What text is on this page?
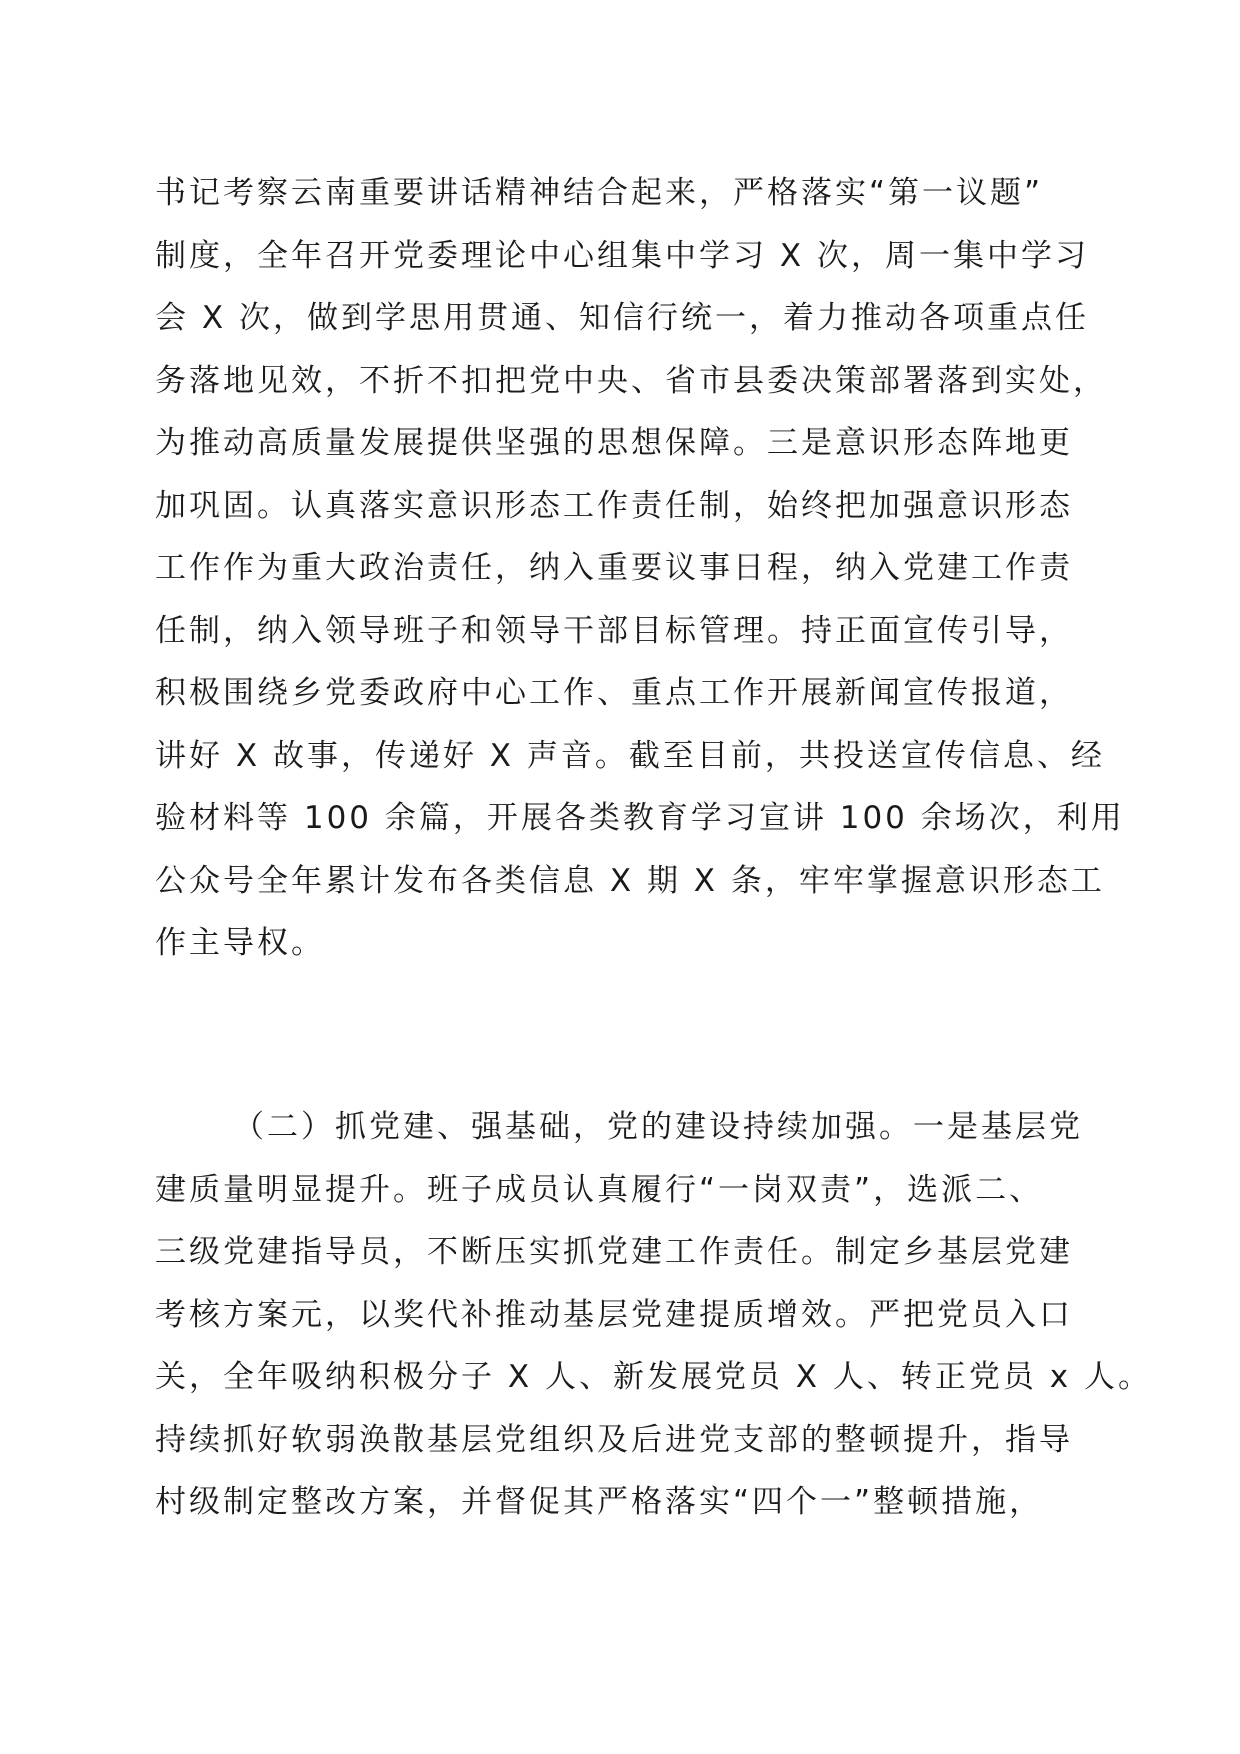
书记考察云南重要讲话精神结合起来，严格落实“第一议题”
制度，全年召开党委理论中心组集中学习 X 次，周一集中学习
会 X 次，做到学思用贯通、知信行统一，着力推动各项重点任
务落地见效，不折不扣把党中央、省市县委决策部署落到实处，
为推动高质量发展提供坚强的思想保障。三是意识形态阵地更
加巩固。认真落实意识形态工作责任制，始终把加强意识形态
工作作为重大政治责任，纳入重要议事日程，纳入党建工作责
任制，纳入领导班子和领导干部目标管理。持正面宣传引导，
积极围绕乡党委政府中心工作、重点工作开展新闻宣传报道，
讲好 X 故事，传递好 X 声音。截至目前，共投送宣传信息、经
验材料等 100 余篇，开展各类教育学习宣讲 100 余场次，利用
公众号全年累计发布各类信息 X 期 X 条，牢牢掌握意识形态工
作主导权。
（二）抓党建、强基础，党的建设持续加强。一是基层党
建质量明显提升。班子成员认真履行“一岗双责”，选派二、
三级党建指导员，不断压实抓党建工作责任。制定乡基层党建
考核方案元，以奖代补推动基层党建提质增效。严把党员入口
关，全年吸纳积极分子 X 人、新发展党员 X 人、转正党员 x 人。
持续抓好软弱涣散基层党组织及后进党支部的整顿提升，指导
村级制定整改方案，并督促其严格落实“四个一”整顿措施，
